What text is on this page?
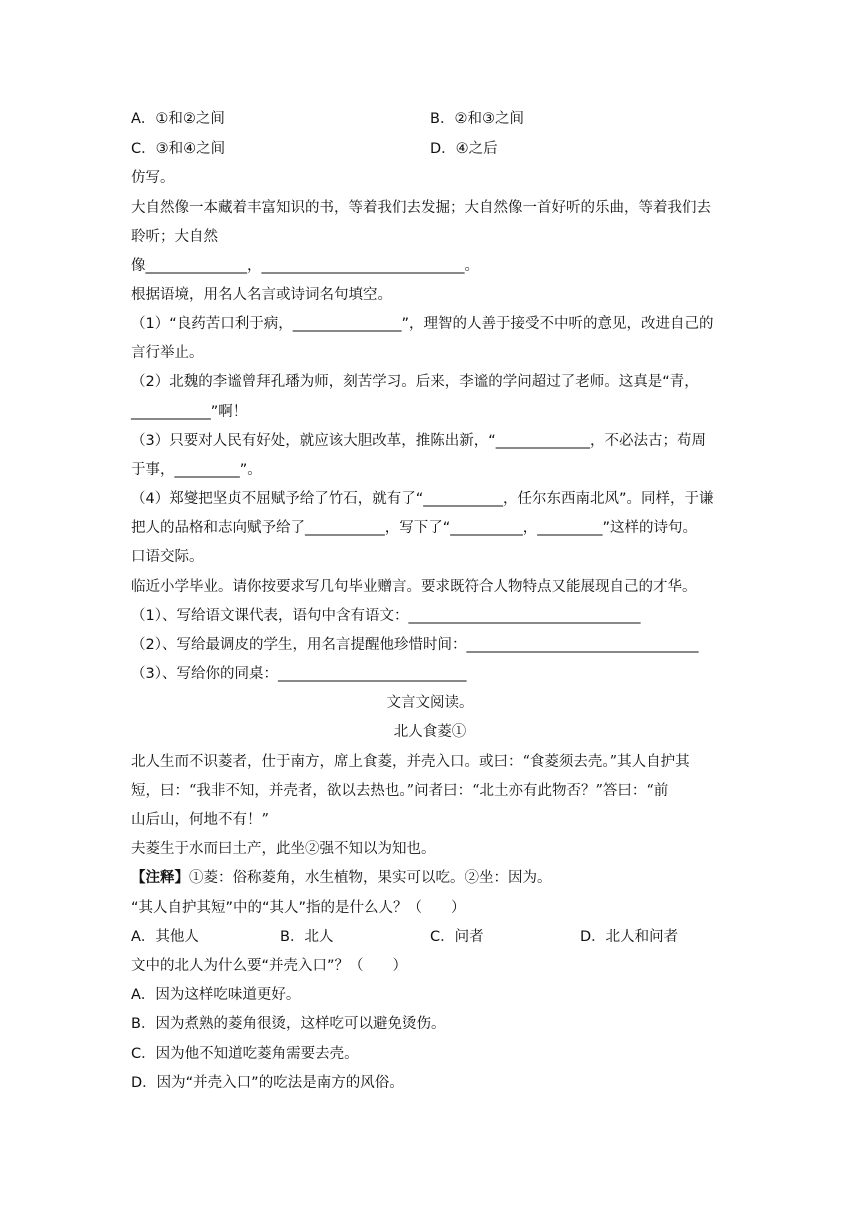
A．①和②之间	B．②和③之间
C．③和④之间	D．④之后
仿写。
大自然像一本藏着丰富知识的书，等着我们去发掘；大自然像一首好听的乐曲，等着我们去
聆听；大自然
像______________，____________________________。
根据语境，用名人名言或诗词名句填空。
（1）“良药苦口利于病，_______________”，理智的人善于接受不中听的意见，改进自己的
言行举止。
（2）北魏的李谧曾拜孔璠为师，刻苦学习。后来，李谧的学问超过了老师。这真是“青，
___________”啊！
（3）只要对人民有好处，就应该大胆改革，推陈出新，“_____________，不必法古；苟周
于事，_________”。
（4）郑燮把坚贞不屈赋予给了竹石，就有了“___________，任尔东西南北风”。同样，于谦
把人的品格和志向赋予给了___________，写下了“__________，_________”这样的诗句。
口语交际。
临近小学毕业。请你按要求写几句毕业赠言。要求既符合人物特点又能展现自己的才华。
（1）、写给语文课代表，语句中含有语文：________________________________
（2）、写给最调皮的学生，用名言提醒他珍惜时间：________________________________
（3）、写给你的同桌：__________________________
文言文阅读。
北人食菱①
北人生而不识菱者，仕于南方，席上食菱，并壳入口。或曰：“食菱须去壳。”其人自护其
短，曰：“我非不知，并壳者，欲以去热也。”问者曰：“北土亦有此物否？”答曰：“前
山后山，何地不有！”
夫菱生于水而曰土产，此坐②强不知以为知也。
【注释】①菱：俗称菱角，水生植物，果实可以吃。②坐：因为。
“其人自护其短”中的“其人”指的是什么人？（　　）
A．其他人	B．北人	C．问者	D．北人和问者
文中的北人为什么要“并壳入口”？（　　）
A．因为这样吃味道更好。
B．因为煮熟的菱角很烫，这样吃可以避免烫伤。
C．因为他不知道吃菱角需要去壳。
D．因为“并壳入口”的吃法是南方的风俗。
